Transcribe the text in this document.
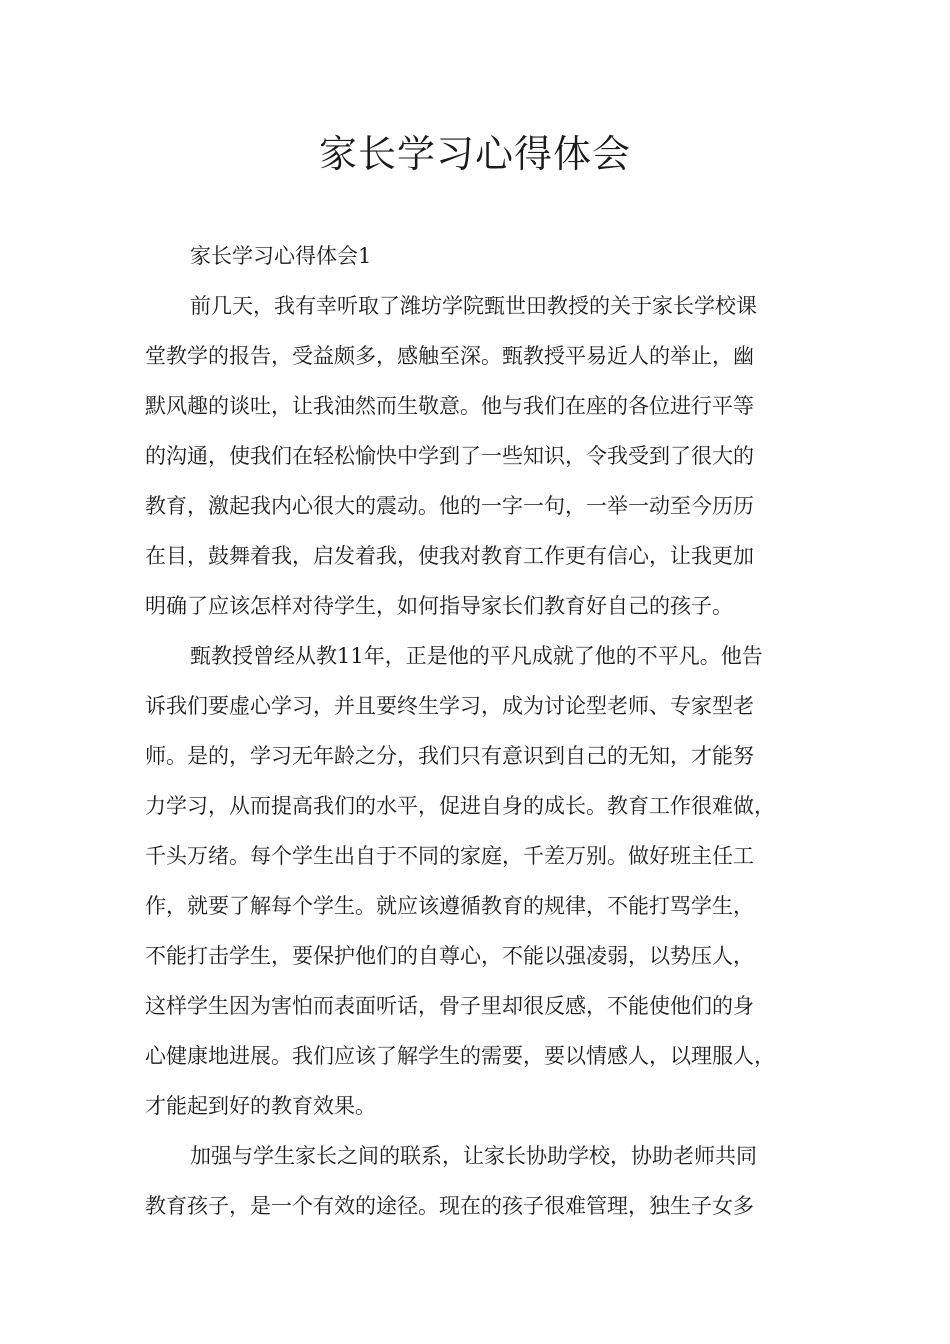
家长学习心得体会
家长学习心得体会1
前几天，我有幸听取了潍坊学院甄世田教授的关于家长学校课
堂教学的报告，受益颇多，感触至深。甄教授平易近人的举止，幽
默风趣的谈吐，让我油然而生敬意。他与我们在座的各位进行平等
的沟通，使我们在轻松愉快中学到了一些知识，令我受到了很大的
教育，激起我内心很大的震动。他的一字一句，一举一动至今历历
在目，鼓舞着我，启发着我，使我对教育工作更有信心，让我更加
明确了应该怎样对待学生，如何指导家长们教育好自己的孩子。
甄教授曾经从教11年，正是他的平凡成就了他的不平凡。他告
诉我们要虚心学习，并且要终生学习，成为讨论型老师、专家型老
师。是的，学习无年龄之分，我们只有意识到自己的无知，才能努
力学习，从而提高我们的水平，促进自身的成长。教育工作很难做，
千头万绪。每个学生出自于不同的家庭，千差万别。做好班主任工
作，就要了解每个学生。就应该遵循教育的规律，不能打骂学生，
不能打击学生，要保护他们的自尊心，不能以强凌弱，以势压人，
这样学生因为害怕而表面听话，骨子里却很反感，不能使他们的身
心健康地进展。我们应该了解学生的需要，要以情感人，以理服人，
才能起到好的教育效果。
加强与学生家长之间的联系，让家长协助学校，协助老师共同
教育孩子，是一个有效的途径。现在的孩子很难管理，独生子女多
